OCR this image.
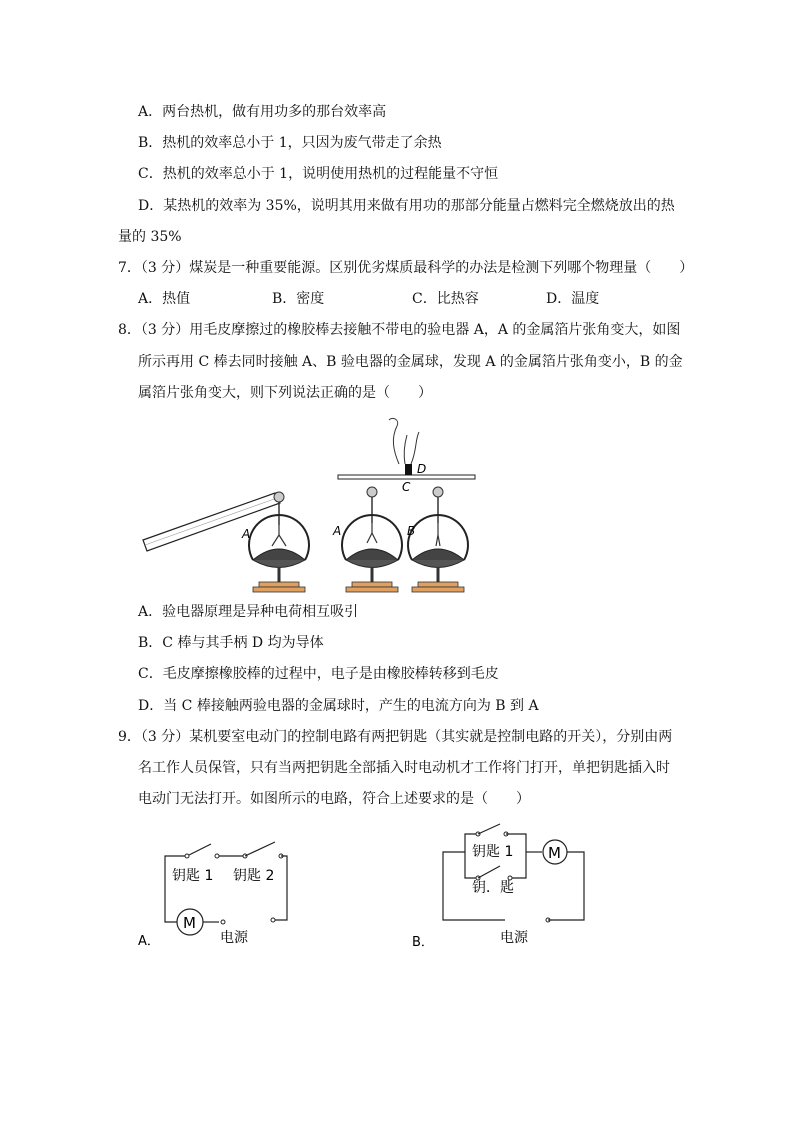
A．两台热机，做有用功多的那台效率高
B．热机的效率总小于 1，只因为废气带走了余热
C．热机的效率总小于 1，说明使用热机的过程能量不守恒
D．某热机的效率为 35%，说明其用来做有用功的那部分能量占燃料完全燃烧放出的热
量的 35%
7．（3 分）煤炭是一种重要能源。区别优劣煤质最科学的办法是检测下列哪个物理量（　　）
A．热值	B．密度	C．比热容	D．温度
8．（3 分）用毛皮摩擦过的橡胶棒去接触不带电的验电器 A，A 的金属箔片张角变大，如图
所示再用 C 棒去同时接触 A、B 验电器的金属球，发现 A 的金属箔片张角变小，B 的金
属箔片张角变大，则下列说法正确的是（　　）
A
D
C
A	B
A．验电器原理是异种电荷相互吸引
B．C 棒与其手柄 D 均为导体
C．毛皮摩擦橡胶棒的过程中，电子是由橡胶棒转移到毛皮
D．当 C 棒接触两验电器的金属球时，产生的电流方向为 B 到 A
9．（3 分）某机要室电动门的控制电路有两把钥匙（其实就是控制电路的开关），分别由两
名工作人员保管，只有当两把钥匙全部插入时电动机才工作将门打开，单把钥匙插入时
电动门无法打开。如图所示的电路，符合上述要求的是（　　）
M
钥匙 1 钥匙 2
电源
A．
M
钥匙 1
钥．匙
电源
B．
